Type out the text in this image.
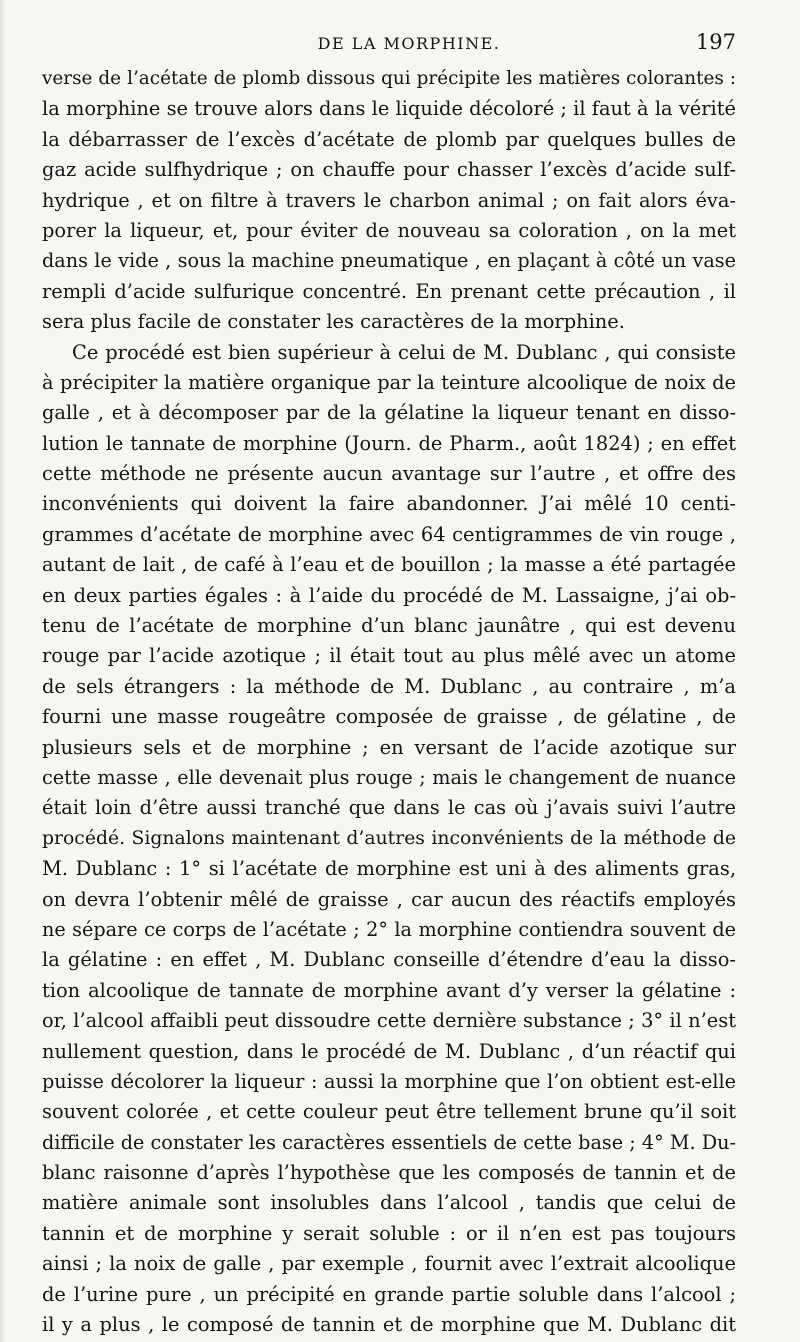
DE LA MORPHINE.	197
verse de l’acétate de plomb dissous qui précipite les matières colorantes :
la morphine se trouve alors dans le liquide décoloré ; il faut à la vérité
la débarrasser de l’excès d’acétate de plomb par quelques bulles de
gaz acide sulfhydrique ; on chauffe pour chasser l’excès d’acide sulf-
hydrique , et on filtre à travers le charbon animal ; on fait alors éva-
porer la liqueur, et, pour éviter de nouveau sa coloration , on la met
dans le vide , sous la machine pneumatique , en plaçant à côté un vase
rempli d’acide sulfurique concentré. En prenant cette précaution , il
sera plus facile de constater les caractères de la morphine.
Ce procédé est bien supérieur à celui de M. Dublanc , qui consiste
à précipiter la matière organique par la teinture alcoolique de noix de
galle , et à décomposer par de la gélatine la liqueur tenant en disso-
lution le tannate de morphine (Journ. de Pharm., août 1824) ; en effet
cette méthode ne présente aucun avantage sur l’autre , et offre des
inconvénients qui doivent la faire abandonner. J’ai mêlé 10 centi-
grammes d’acétate de morphine avec 64 centigrammes de vin rouge ,
autant de lait , de café à l’eau et de bouillon ; la masse a été partagée
en deux parties égales : à l’aide du procédé de M. Lassaigne, j’ai ob-
tenu de l’acétate de morphine d’un blanc jaunâtre , qui est devenu
rouge par l’acide azotique ; il était tout au plus mêlé avec un atome
de sels étrangers : la méthode de M. Dublanc , au contraire , m’a
fourni une masse rougeâtre composée de graisse , de gélatine , de
plusieurs sels et de morphine ; en versant de l’acide azotique sur
cette masse , elle devenait plus rouge ; mais le changement de nuance
était loin d’être aussi tranché que dans le cas où j’avais suivi l’autre
procédé. Signalons maintenant d’autres inconvénients de la méthode de
M. Dublanc : 1° si l’acétate de morphine est uni à des aliments gras,
on devra l’obtenir mêlé de graisse , car aucun des réactifs employés
ne sépare ce corps de l’acétate ; 2° la morphine contiendra souvent de
la gélatine : en effet , M. Dublanc conseille d’étendre d’eau la disso-
tion alcoolique de tannate de morphine avant d’y verser la gélatine :
or, l’alcool affaibli peut dissoudre cette dernière substance ; 3° il n’est
nullement question, dans le procédé de M. Dublanc , d’un réactif qui
puisse décolorer la liqueur : aussi la morphine que l’on obtient est-elle
souvent colorée , et cette couleur peut être tellement brune qu’il soit
difficile de constater les caractères essentiels de cette base ; 4° M. Du-
blanc raisonne d’après l’hypothèse que les composés de tannin et de
matière animale sont insolubles dans l’alcool , tandis que celui de
tannin et de morphine y serait soluble : or il n’en est pas toujours
ainsi ; la noix de galle , par exemple , fournit avec l’extrait alcoolique
de l’urine pure , un précipité en grande partie soluble dans l’alcool ;
il y a plus , le composé de tannin et de morphine que M. Dublanc dit
